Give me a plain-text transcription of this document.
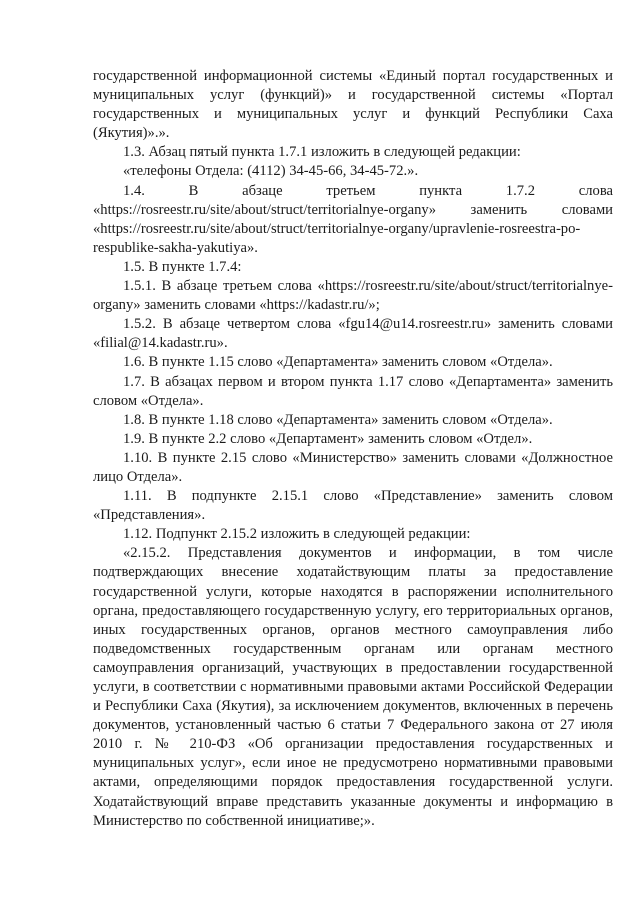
государственной информационной системы «Единый портал государственных и муниципальных услуг (функций)» и государственной системы «Портал государственных и муниципальных услуг и функций Республики Саха (Якутия)».».

1.3. Абзац пятый пункта 1.7.1 изложить в следующей редакции:

«телефоны Отдела: (4112) 34-45-66, 34-45-72.».

1.4. В абзаце третьем пункта 1.7.2 слова «https://rosreestr.ru/site/about/struct/territorialnye-organy» заменить словами «https://rosreestr.ru/site/about/struct/territorialnye-organy/upravlenie-rosreestra-po-respublike-sakha-yakutiya».

1.5. В пункте 1.7.4:

1.5.1. В абзаце третьем слова «https://rosreestr.ru/site/about/struct/territorialnye-organy» заменить словами «https://kadastr.ru/»;

1.5.2. В абзаце четвертом слова «fgu14@u14.rosreestr.ru» заменить словами «filial@14.kadastr.ru».

1.6. В пункте 1.15 слово «Департамента» заменить словом «Отдела».

1.7. В абзацах первом и втором пункта 1.17 слово «Департамента» заменить словом «Отдела».

1.8. В пункте 1.18 слово «Департамента» заменить словом «Отдела».

1.9. В пункте 2.2 слово «Департамент» заменить словом «Отдел».

1.10. В пункте 2.15 слово «Министерство» заменить словами «Должностное лицо Отдела».

1.11. В подпункте 2.15.1 слово «Представление» заменить словом «Представления».

1.12. Подпункт 2.15.2 изложить в следующей редакции:

«2.15.2. Представления документов и информации, в том числе подтверждающих внесение ходатайствующим платы за предоставление государственной услуги, которые находятся в распоряжении исполнительного органа, предоставляющего государственную услугу, его территориальных органов, иных государственных органов, органов местного самоуправления либо подведомственных государственным органам или органам местного самоуправления организаций, участвующих в предоставлении государственной услуги, в соответствии с нормативными правовыми актами Российской Федерации и Республики Саха (Якутия), за исключением документов, включенных в перечень документов, установленный частью 6 статьи 7 Федерального закона от 27 июля 2010 г. № 210-ФЗ «Об организации предоставления государственных и муниципальных услуг», если иное не предусмотрено нормативными правовыми актами, определяющими порядок предоставления государственной услуги. Ходатайствующий вправе представить указанные документы и информацию в Министерство по собственной инициативе;».
